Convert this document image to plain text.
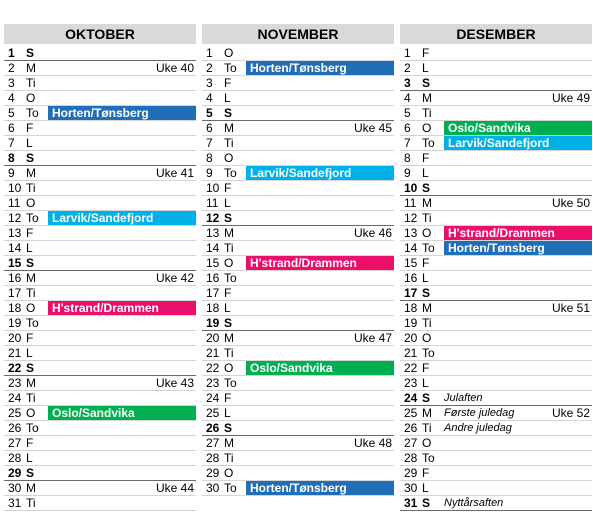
OKTOBER
1 S
2 M	Uke 40
3 Ti
4 O
5 To	Horten/Tønsberg
6 F
7 L
8 S
9 M	Uke 41
10 Ti
11 O
12 To	Larvik/Sandefjord
13 F
14 L
15 S
16 M	Uke 42
17 Ti
18 O	H'strand/Drammen
19 To
20 F
21 L
22 S
23 M	Uke 43
24 Ti
25 O	Oslo/Sandvika
26 To
27 F
28 L
29 S
30 M	Uke 44
31 Ti
NOVEMBER
1 O
2 To	Horten/Tønsberg
3 F
4 L
5 S
6 M	Uke 45
7 Ti
8 O
9 To	Larvik/Sandefjord
10 F
11 L
12 S
13 M	Uke 46
14 Ti
15 O	H'strand/Drammen
16 To
17 F
18 L
19 S
20 M	Uke 47
21 Ti
22 O	Oslo/Sandvika
23 To
24 F
25 L
26 S
27 M	Uke 48
28 Ti
29 O
30 To	Horten/Tønsberg
DESEMBER
1 F
2 L
3 S
4 M	Uke 49
5 Ti
6 O	Oslo/Sandvika
7 To	Larvik/Sandefjord
8 F
9 L
10 S
11 M	Uke 50
12 Ti
13 O	H'strand/Drammen
14 To	Horten/Tønsberg
15 F
16 L
17 S
18 M	Uke 51
19 Ti
20 O
21 To
22 F
23 L
24 S Julaften
25 M Første juledag	Uke 52
26 Ti Andre juledag
27 O
28 To
29 F
30 L
31 S Nyttårsaften
